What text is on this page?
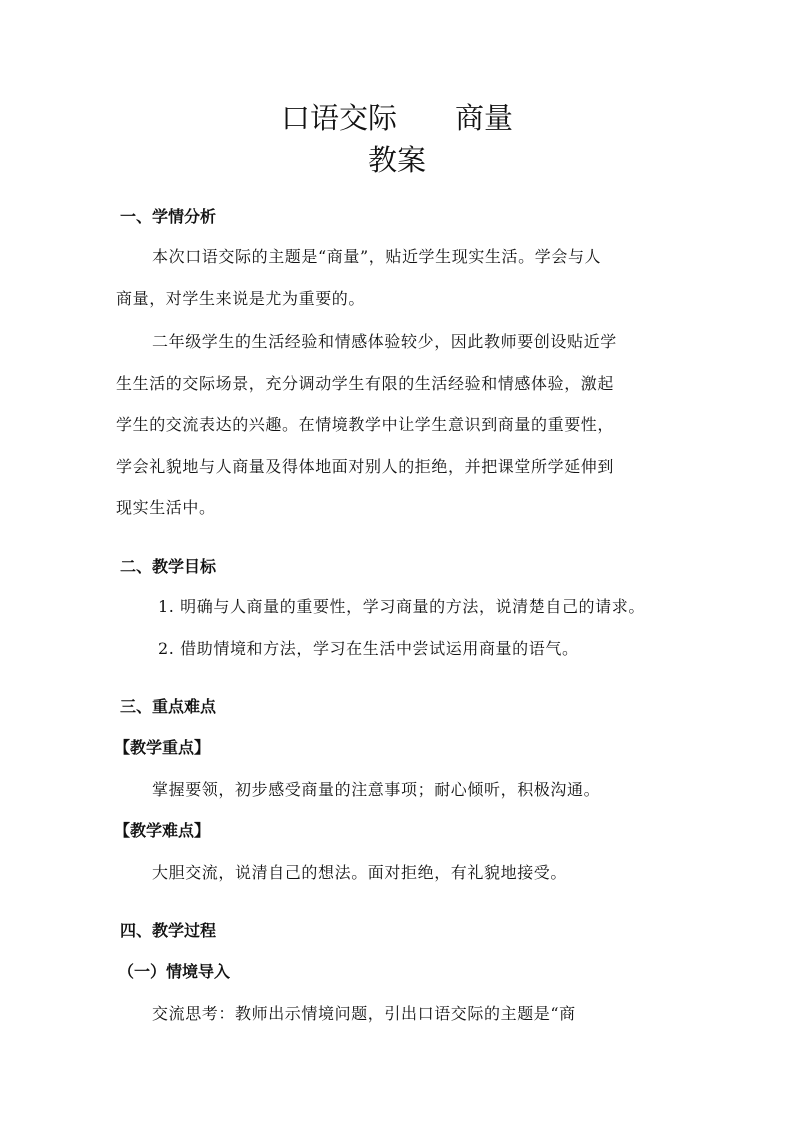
口语交际　　商量
教案
一、学情分析
本次口语交际的主题是“商量”，贴近学生现实生活。学会与人
商量，对学生来说是尤为重要的。
二年级学生的生活经验和情感体验较少，因此教师要创设贴近学
生生活的交际场景，充分调动学生有限的生活经验和情感体验，激起
学生的交流表达的兴趣。在情境教学中让学生意识到商量的重要性，
学会礼貌地与人商量及得体地面对别人的拒绝，并把课堂所学延伸到
现实生活中。
二、教学目标
1. 明确与人商量的重要性，学习商量的方法，说清楚自己的请求。
2. 借助情境和方法，学习在生活中尝试运用商量的语气。
三、重点难点
【教学重点】
掌握要领，初步感受商量的注意事项；耐心倾听，积极沟通。
【教学难点】
大胆交流，说清自己的想法。面对拒绝，有礼貌地接受。
四、教学过程
（一）情境导入
交流思考：教师出示情境问题，引出口语交际的主题是“商
